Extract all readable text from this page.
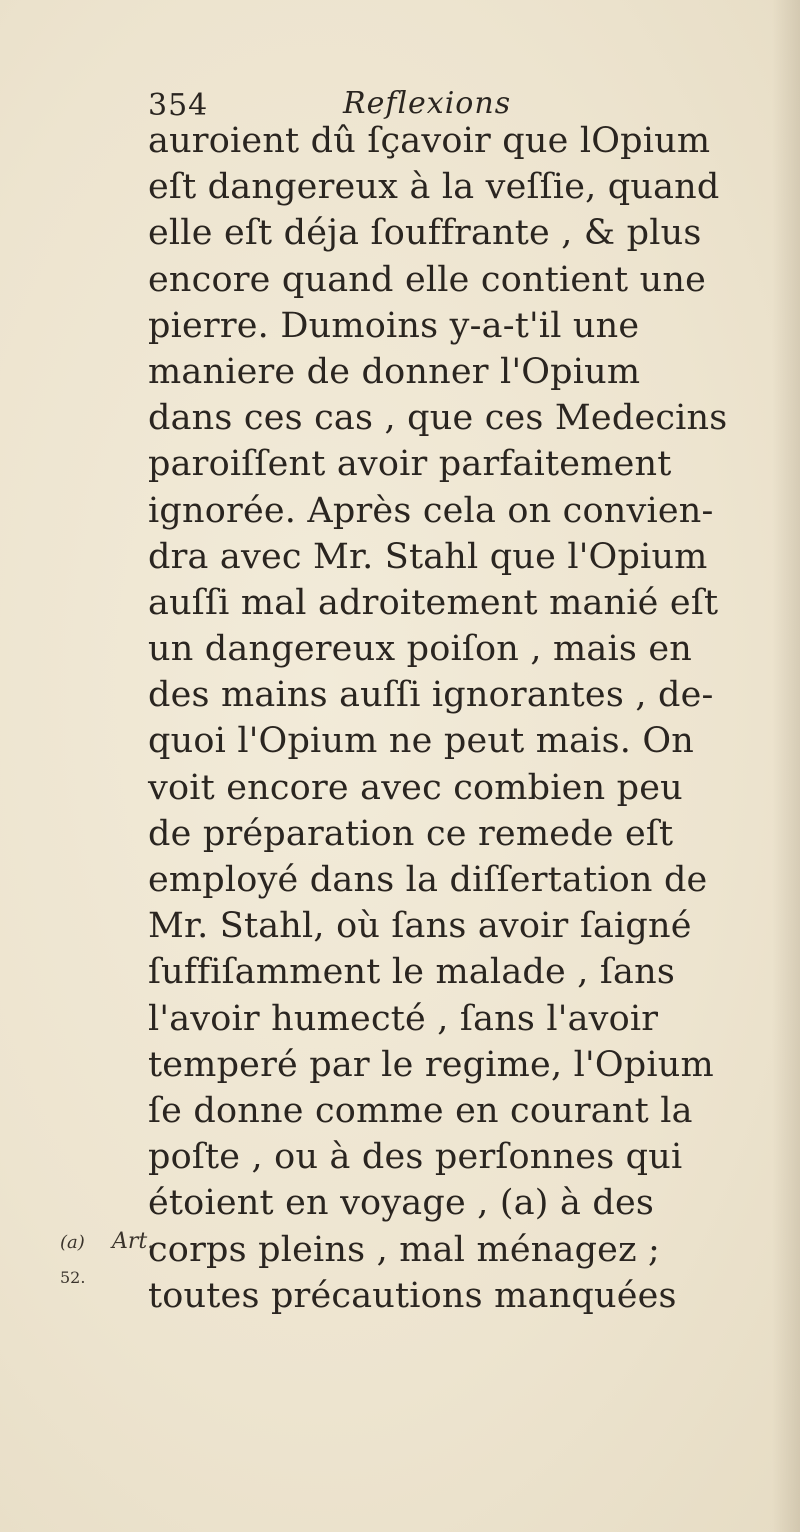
354	Reflexions
auroient dû ſçavoir que lOpium
eſt dangereux à la veſſie, quand
elle eſt déja ſouffrante , & plus
encore quand elle contient une
pierre. Dumoins y-a-t'il une
maniere de donner l'Opium
dans ces cas , que ces Medecins
paroiſſent avoir parfaitement
ignorée. Après cela on convien-
dra avec Mr. Stahl que l'Opium
auſſi mal adroitement manié eſt
un dangereux poiſon , mais en
des mains auſſi ignorantes , de-
quoi l'Opium ne peut mais. On
voit encore avec combien peu
de préparation ce remede eſt
employé dans la diſſertation de
Mr. Stahl, où ſans avoir ſaigné
ſuffiſamment le malade , ſans
l'avoir humecté , ſans l'avoir
temperé par le regime, l'Opium
ſe donne comme en courant la
poſte , ou à des perſonnes qui
étoient en voyage , (a) à des
corps pleins , mal ménagez ;
toutes précautions manquées
(a) Art.
52.
